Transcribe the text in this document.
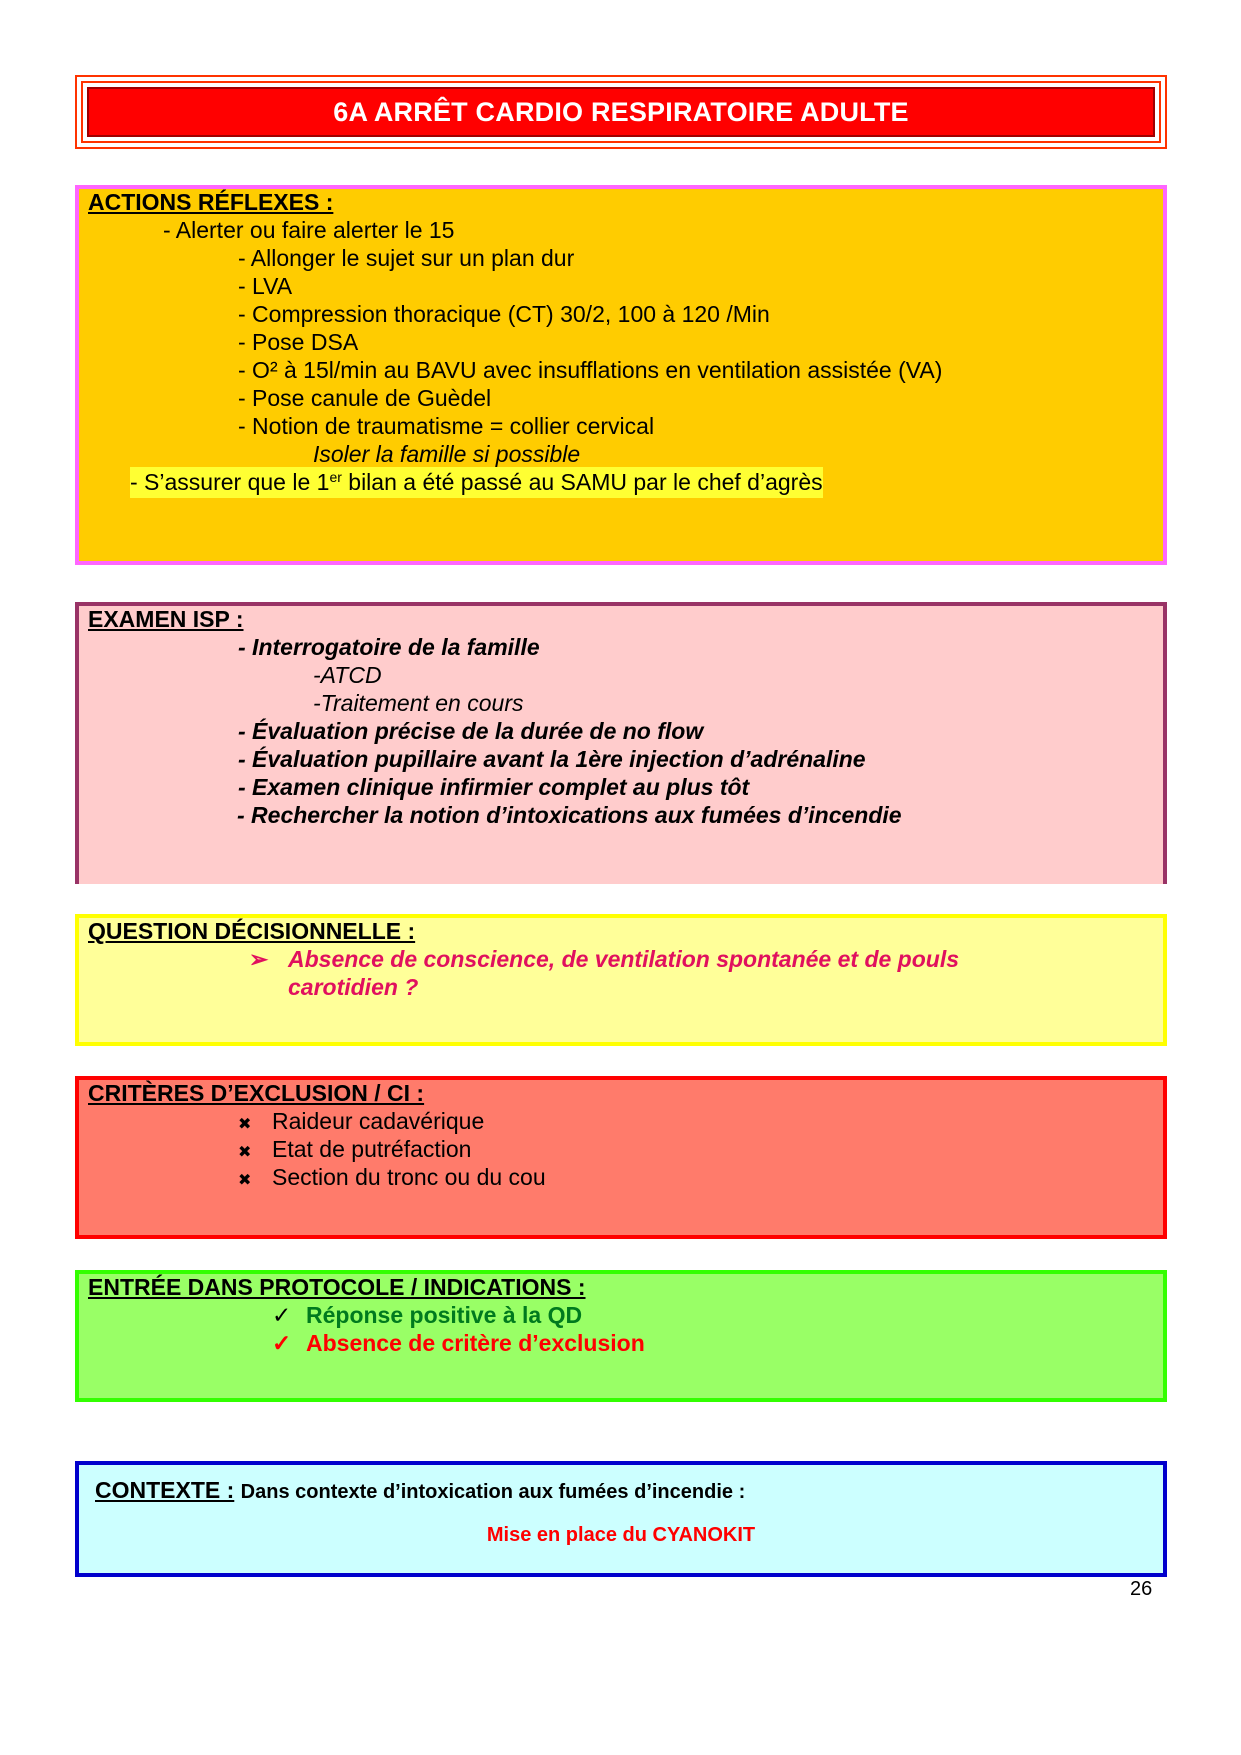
6A ARRÊT CARDIO RESPIRATOIRE ADULTE
ACTIONS RÉFLEXES :
- Alerter ou faire alerter le 15
- Allonger le sujet sur un plan dur
- LVA
- Compression thoracique (CT) 30/2, 100 à 120 /Min
- Pose DSA
- O² à 15l/min au BAVU avec insufflations en ventilation assistée (VA)
- Pose canule de Guèdel
- Notion de traumatisme = collier cervical
Isoler la famille si possible
- S’assurer que le 1er bilan a été passé au SAMU par le chef d’agrès
EXAMEN ISP :
- Interrogatoire de la famille
-ATCD
-Traitement en cours
- Évaluation précise de la durée de no flow
- Évaluation pupillaire avant la 1ère injection d’adrénaline
- Examen clinique infirmier complet au plus tôt
- Rechercher la notion d’intoxications aux fumées d’incendie
QUESTION DÉCISIONNELLE :
➢ Absence de conscience, de ventilation spontanée et de pouls
carotidien ?
CRITÈRES D’EXCLUSION / CI :
✖ Raideur cadavérique
✖ Etat de putréfaction
✖ Section du tronc ou du cou
ENTRÉE DANS PROTOCOLE / INDICATIONS :
✓ Réponse positive à la QD
✓ Absence de critère d’exclusion
CONTEXTE : Dans contexte d’intoxication aux fumées d’incendie :
Mise en place du CYANOKIT
26
